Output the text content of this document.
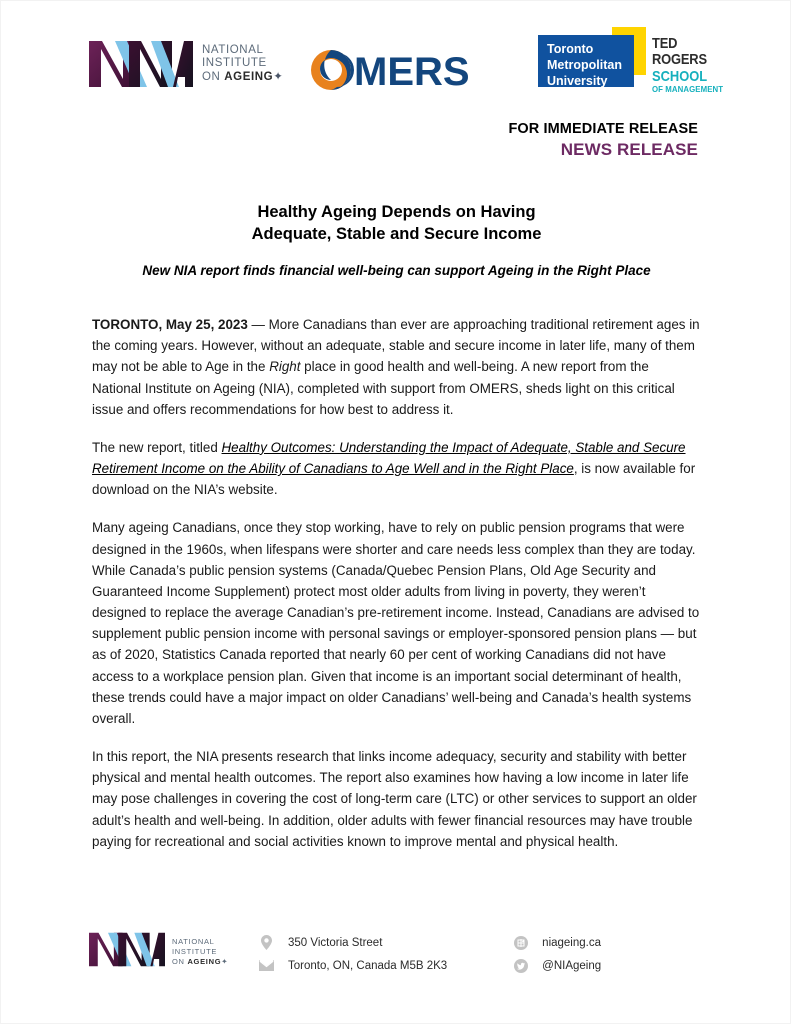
NATIONAL
INSTITUTE
ON AGEING✦ MERS
Toronto
Metropolitan
University
TED
ROGERS
SCHOOL
OF MANAGEMENT
FOR IMMEDIATE RELEASE
NEWS RELEASE
Healthy Ageing Depends on Having
Adequate, Stable and Secure Income
New NIA report finds financial well-being can support Ageing in the Right Place

TORONTO, May 25, 2023 — More Canadians than ever are approaching traditional retirement ages in the coming years. However, without an adequate, stable and secure income in later life, many of them may not be able to Age in the Right place in good health and well-being. A new report from the National Institute on Ageing (NIA), completed with support from OMERS, sheds light on this critical issue and offers recommendations for how best to address it.

The new report, titled Healthy Outcomes: Understanding the Impact of Adequate, Stable and Secure Retirement Income on the Ability of Canadians to Age Well and in the Right Place, is now available for download on the NIA’s website.

Many ageing Canadians, once they stop working, have to rely on public pension programs that were designed in the 1960s, when lifespans were shorter and care needs less complex than they are today. While Canada’s public pension systems (Canada/Quebec Pension Plans, Old Age Security and Guaranteed Income Supplement) protect most older adults from living in poverty, they weren’t designed to replace the average Canadian’s pre-retirement income. Instead, Canadians are advised to supplement public pension income with personal savings or employer-sponsored pension plans — but as of 2020, Statistics Canada reported that nearly 60 per cent of working Canadians did not have access to a workplace pension plan. Given that income is an important social determinant of health, these trends could have a major impact on older Canadians’ well-being and Canada’s health systems overall.

In this report, the NIA presents research that links income adequacy, security and stability with better physical and mental health outcomes. The report also examines how having a low income in later life may pose challenges in covering the cost of long-term care (LTC) or other services to support an older adult’s health and well-being. In addition, older adults with fewer financial resources may have trouble paying for recreational and social activities known to improve mental and physical health.

NATIONAL
INSTITUTE
ON AGEING✦
350 Victoria Street
Toronto, ON, Canada M5B 2K3
niageing.ca
@NIAgeing
